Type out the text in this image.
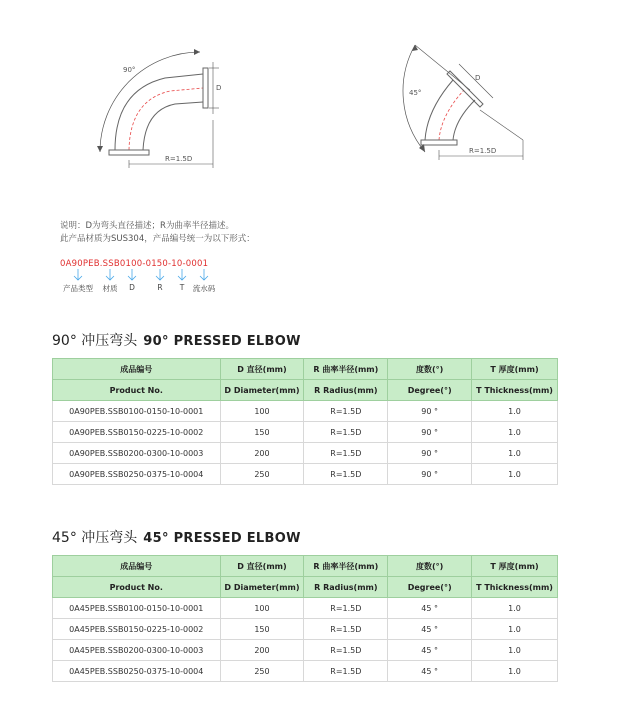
90°
D
R=1.5D
45°
D
R=1.5D
说明：D为弯头直径描述；R为曲率半径描述。
此产品材质为SUS304，产品编号统一为以下形式：
0A90PEB.SSB0100-0150-10-0001
产品类型 材质 D	R T 流水码
90° 冲压弯头 90° PRESSED ELBOW
成品编号	D 直径(mm)	R 曲率半径(mm)	度数(°)	T 厚度(mm)
Product No.	D Diameter(mm)	R Radius(mm)	Degree(°)	T Thickness(mm)
0A90PEB.SSB0100-0150-10-0001	100	R=1.5D	90 °	1.0
0A90PEB.SSB0150-0225-10-0002	150	R=1.5D	90 °	1.0
0A90PEB.SSB0200-0300-10-0003	200	R=1.5D	90 °	1.0
0A90PEB.SSB0250-0375-10-0004	250	R=1.5D	90 °	1.0
45° 冲压弯头 45° PRESSED ELBOW
成品编号	D 直径(mm)	R 曲率半径(mm)	度数(°)	T 厚度(mm)
Product No.	D Diameter(mm)	R Radius(mm)	Degree(°)	T Thickness(mm)
0A45PEB.SSB0100-0150-10-0001	100	R=1.5D	45 °	1.0
0A45PEB.SSB0150-0225-10-0002	150	R=1.5D	45 °	1.0
0A45PEB.SSB0200-0300-10-0003	200	R=1.5D	45 °	1.0
0A45PEB.SSB0250-0375-10-0004	250	R=1.5D	45 °	1.0
